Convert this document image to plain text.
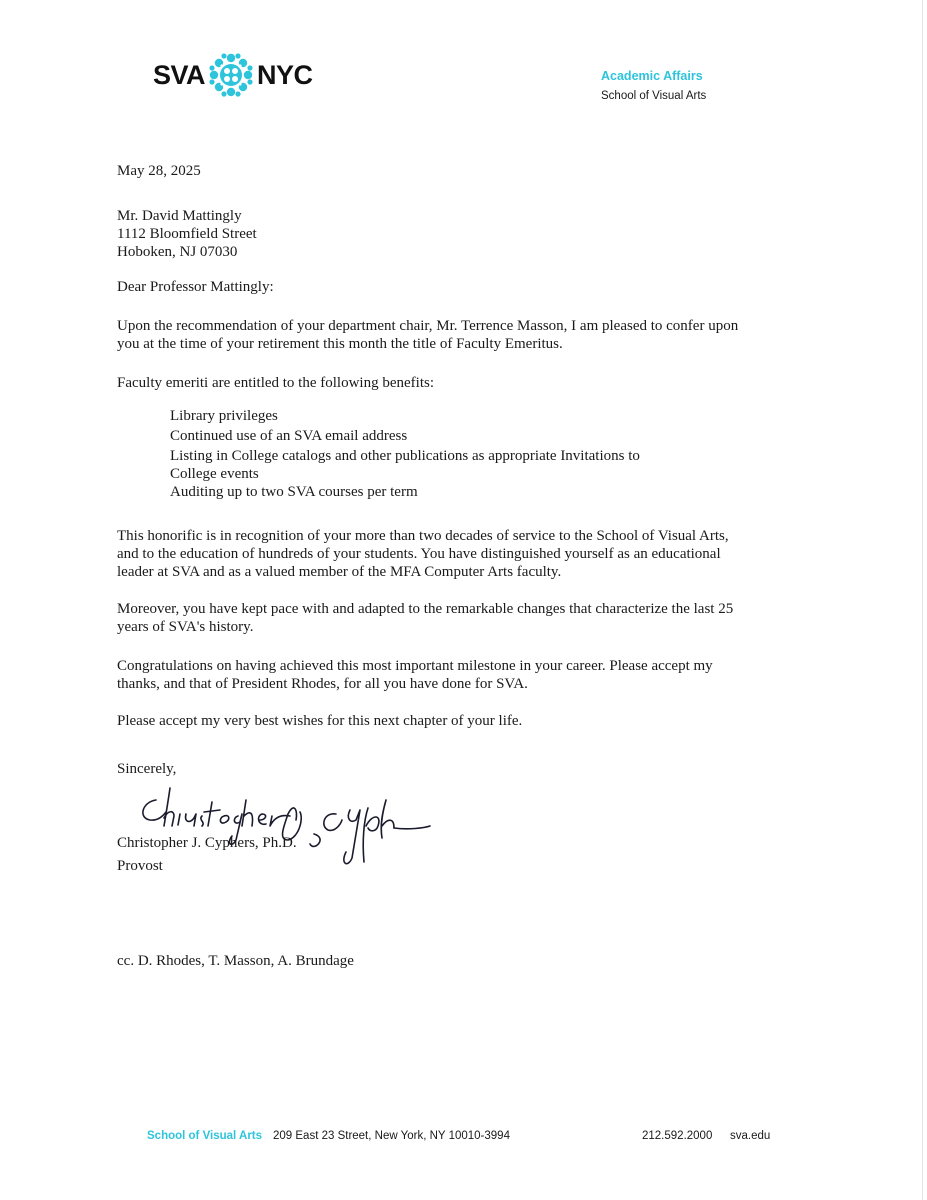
SVA NYC	Academic Affairs
School of Visual Arts
May 28, 2025
Mr. David Mattingly
1112 Bloomfield Street
Hoboken, NJ 07030
Dear Professor Mattingly:
Upon the recommendation of your department chair, Mr. Terrence Masson, I am pleased to confer upon
you at the time of your retirement this month the title of Faculty Emeritus.
Faculty emeriti are entitled to the following benefits:
Library privileges
Continued use of an SVA email address
Listing in College catalogs and other publications as appropriate Invitations to
College events
Auditing up to two SVA courses per term
This honorific is in recognition of your more than two decades of service to the School of Visual Arts,
and to the education of hundreds of your students. You have distinguished yourself as an educational
leader at SVA and as a valued member of the MFA Computer Arts faculty.
Moreover, you have kept pace with and adapted to the remarkable changes that characterize the last 25
years of SVA's history.
Congratulations on having achieved this most important milestone in your career. Please accept my
thanks, and that of President Rhodes, for all you have done for SVA.
Please accept my very best wishes for this next chapter of your life.
Sincerely,
Christopher J. Cyphers, Ph.D.
Provost
cc. D. Rhodes, T. Masson, A. Brundage
School of Visual Arts 209 East 23 Street, New York, NY 10010-3994	212.592.2000 sva.edu
